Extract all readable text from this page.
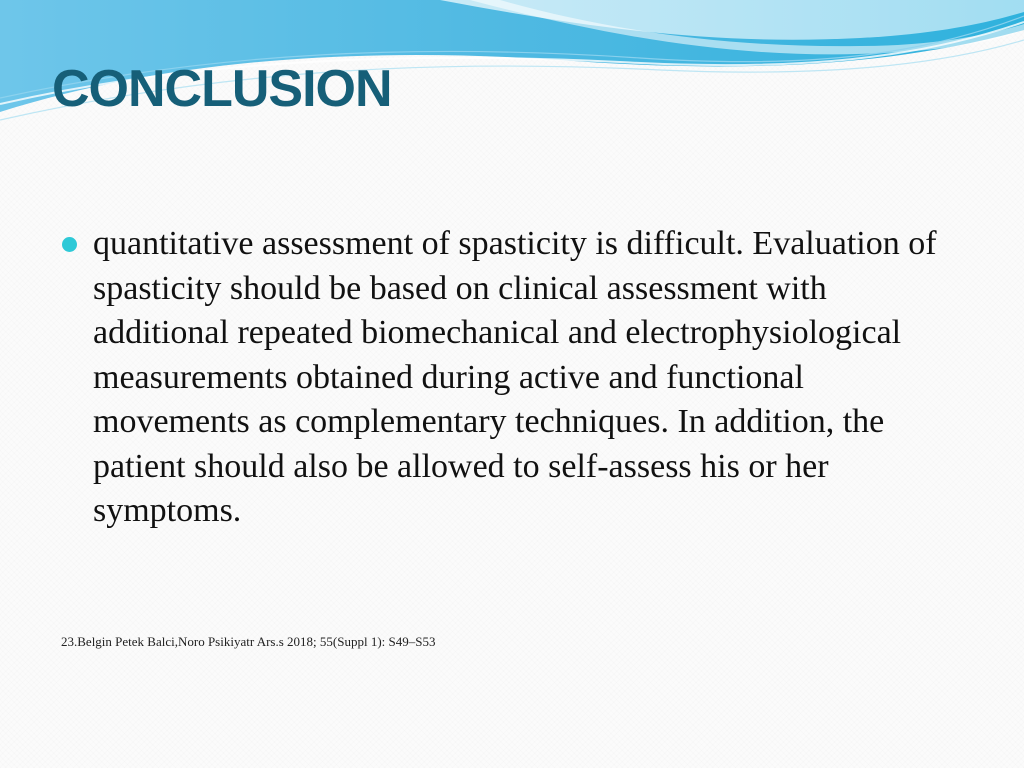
CONCLUSION
quantitative assessment of spasticity is difficult. Evaluation of spasticity should be based on clinical assessment with additional repeated biomechanical and electrophysiological measurements obtained during active and functional movements as complementary techniques. In addition, the patient should also be allowed to self-assess his or her symptoms.
23.Belgin Petek Balci,Noro Psikiyatr Ars.s 2018; 55(Suppl 1): S49–S53
